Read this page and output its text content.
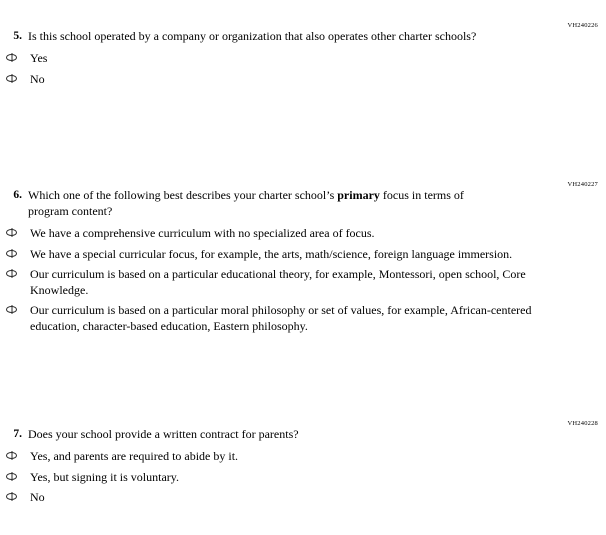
VH240226
5. Is this school operated by a company or organization that also operates other charter schools?
Yes
No
VH240227
6. Which one of the following best describes your charter school’s primary focus in terms of program content?
We have a comprehensive curriculum with no specialized area of focus.
We have a special curricular focus, for example, the arts, math/science, foreign language immersion.
Our curriculum is based on a particular educational theory, for example, Montessori, open school, Core Knowledge.
Our curriculum is based on a particular moral philosophy or set of values, for example, African-centered education, character-based education, Eastern philosophy.
VH240228
7. Does your school provide a written contract for parents?
Yes, and parents are required to abide by it.
Yes, but signing it is voluntary.
No
